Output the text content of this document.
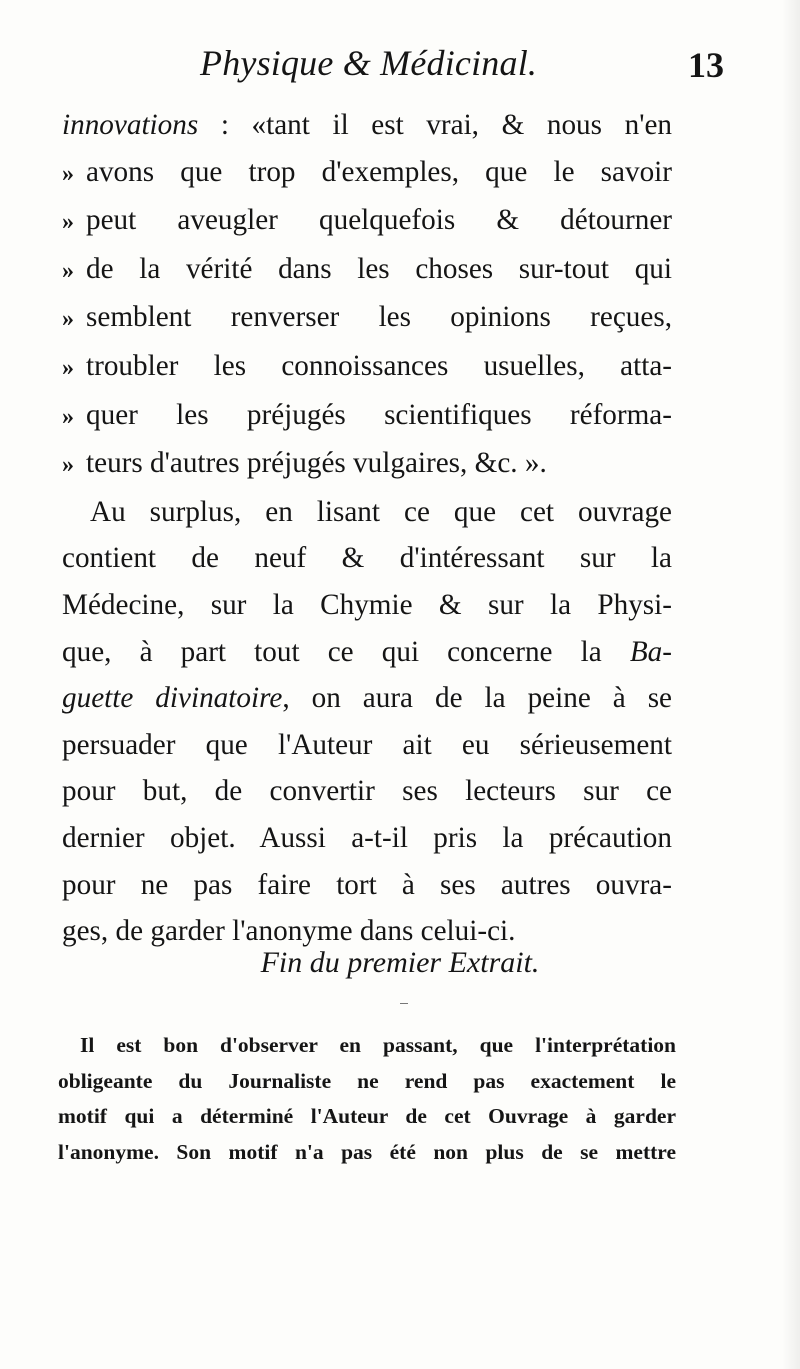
Physique & Médicinal.	13
innovations : «tant il est vrai, & nous n'en
» avons que trop d'exemples, que le savoir
» peut aveugler quelquefois & détourner
» de la vérité dans les choses sur-tout qui
» semblent renverser les opinions reçues,
» troubler les connoissances usuelles, atta-
» quer les préjugés scientifiques réforma-
» teurs d'autres préjugés vulgaires, &c. ».
Au surplus, en lisant ce que cet ouvrage
contient de neuf & d'intéressant sur la
Médecine, sur la Chymie & sur la Physi-
que, à part tout ce qui concerne la Ba-
guette divinatoire, on aura de la peine à se
persuader que l'Auteur ait eu sérieusement
pour but, de convertir ses lecteurs sur ce
dernier objet. Aussi a-t-il pris la précaution
pour ne pas faire tort à ses autres ouvra-
ges, de garder l'anonyme dans celui-ci.
Fin du premier Extrait.
Il est bon d'observer en passant, que l'interprétation
obligeante du Journaliste ne rend pas exactement le
motif qui a déterminé l'Auteur de cet Ouvrage à garder
l'anonyme. Son motif n'a pas été non plus de se mettre
